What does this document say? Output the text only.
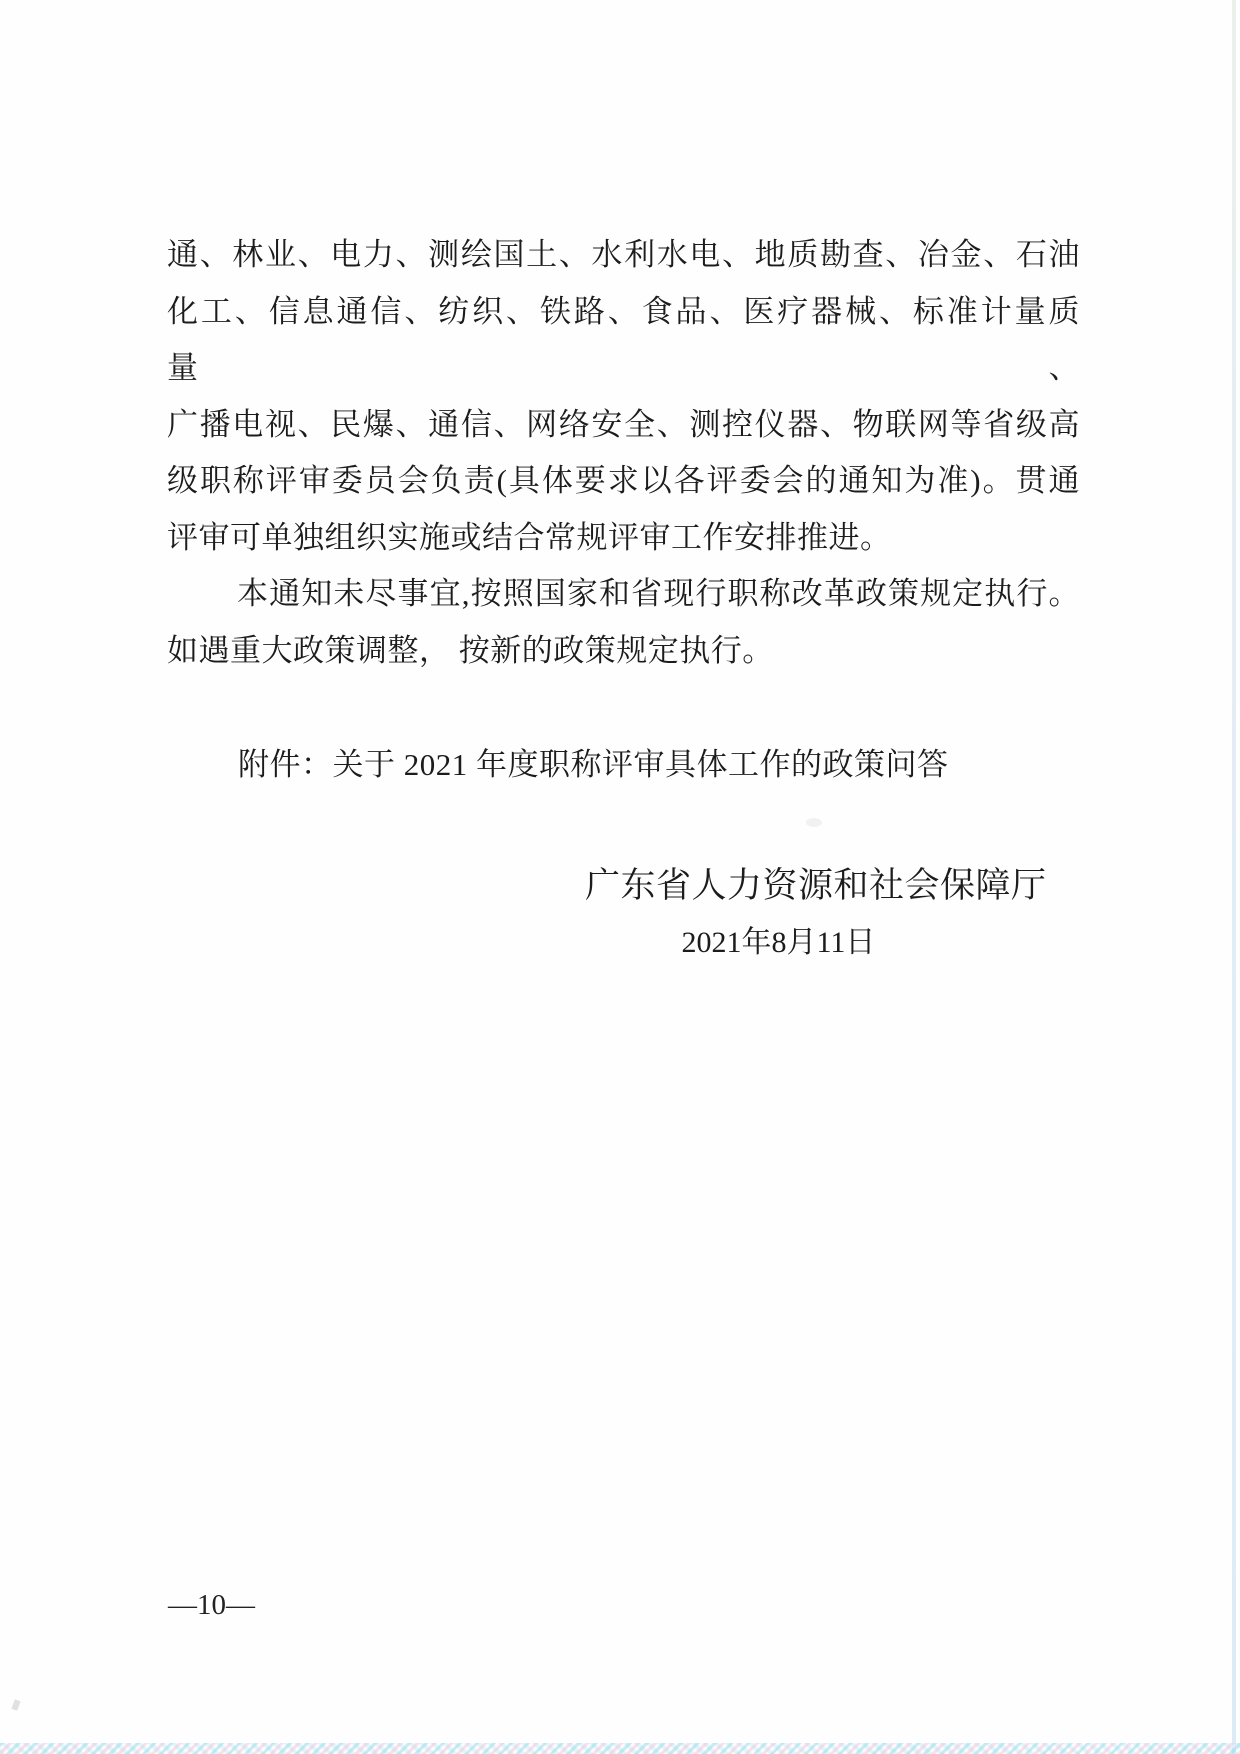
通、林业、电力、测绘国土、水利水电、地质勘查、冶金、石油
化工、信息通信、纺织、铁路、食品、医疗器械、标准计量质量、
广播电视、民爆、通信、网络安全、测控仪器、物联网等省级高
级职称评审委员会负责(具体要求以各评委会的通知为准)。贯通
评审可单独组织实施或结合常规评审工作安排推进。
本通知未尽事宜,按照国家和省现行职称改革政策规定执行。
如遇重大政策调整， 按新的政策规定执行。
附件：关于 2021 年度职称评审具体工作的政策问答
广东省人力资源和社会保障厅
2021年8月11日
—10—
